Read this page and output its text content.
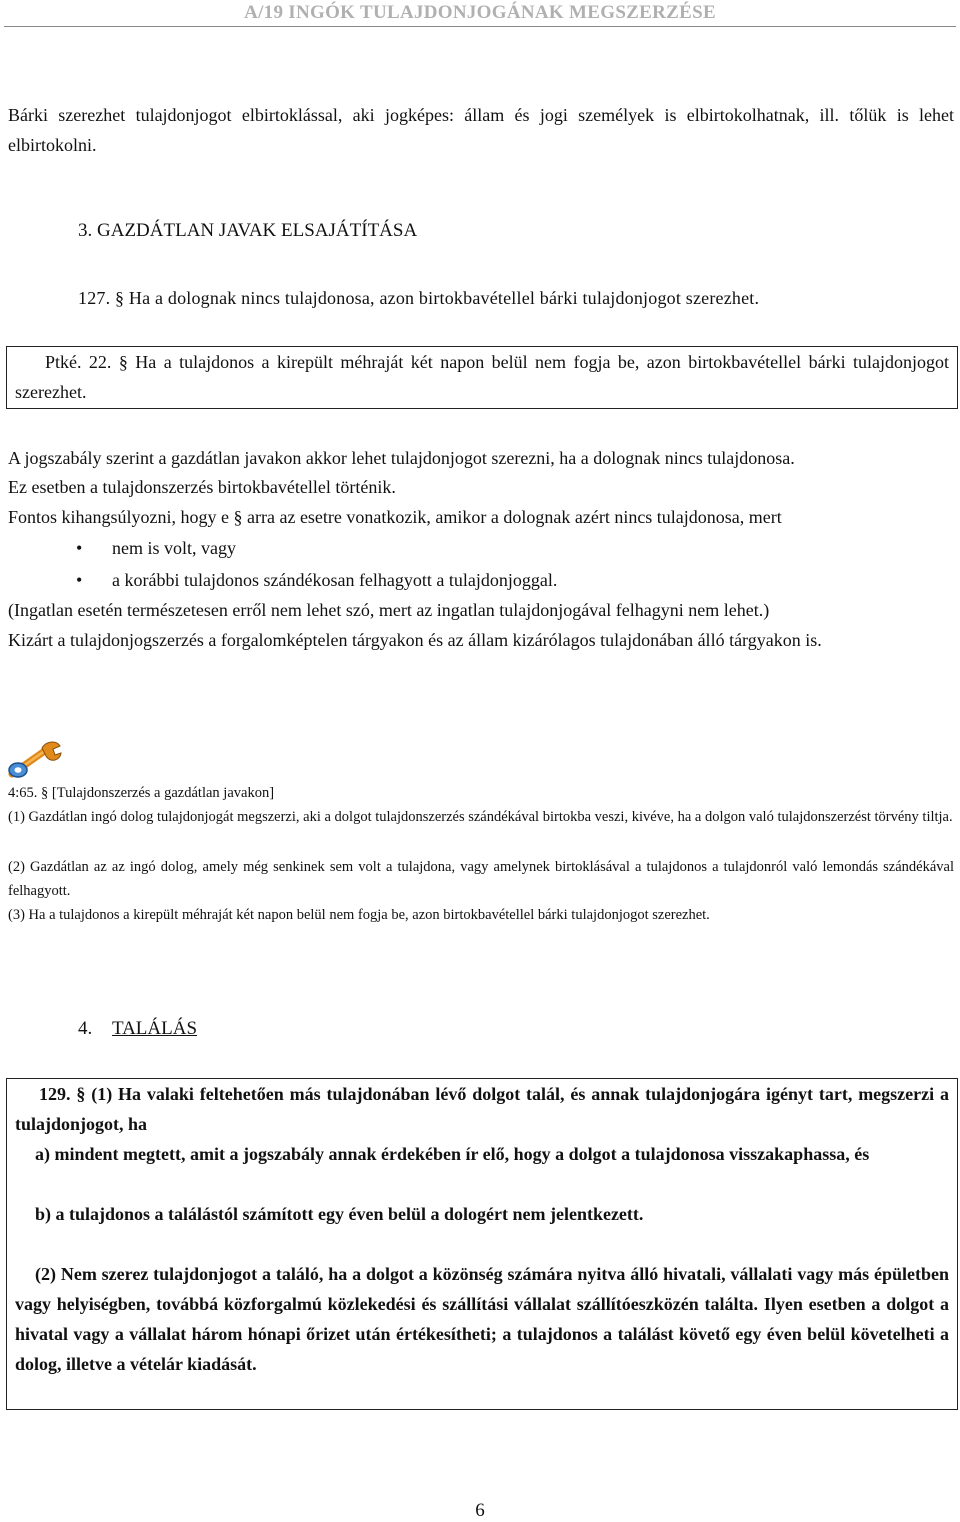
A/19 INGÓK TULAJDONJOGÁNAK MEGSZERZÉSE
Bárki szerezhet tulajdonjogot elbirtoklással, aki jogképes: állam és jogi személyek is elbirtokolhatnak, ill. tőlük is lehet elbirtokolni.
3. GAZDÁTLAN JAVAK ELSAJÁTÍTÁSA
127. § Ha a dolognak nincs tulajdonosa, azon birtokbavétellel bárki tulajdonjogot szerezhet.
Ptké. 22. § Ha a tulajdonos a kirepült méhraját két napon belül nem fogja be, azon birtokbavétellel bárki tulajdonjogot szerezhet.
A jogszabály szerint a gazdátlan javakon akkor lehet tulajdonjogot szerezni, ha a dolognak nincs tulajdonosa.
Ez esetben a tulajdonszerzés birtokbavétellel történik.
Fontos kihangsúlyozni, hogy e § arra az esetre vonatkozik, amikor a dolognak azért nincs tulajdonosa, mert
• nem is volt, vagy
• a korábbi tulajdonos szándékosan felhagyott a tulajdonjoggal.
(Ingatlan esetén természetesen erről nem lehet szó, mert az ingatlan tulajdonjogával felhagyni nem lehet.)
Kizárt a tulajdonjogszerzés a forgalomképtelen tárgyakon és az állam kizárólagos tulajdonában álló tárgyakon is.
4:65. § [Tulajdonszerzés a gazdátlan javakon]
(1) Gazdátlan ingó dolog tulajdonjogát megszerzi, aki a dolgot tulajdonszerzés szándékával birtokba veszi, kivéve, ha a dolgon való tulajdonszerzést törvény tiltja.
(2) Gazdátlan az az ingó dolog, amely még senkinek sem volt a tulajdona, vagy amelynek birtoklásával a tulajdonos a tulajdonról való lemondás szándékával felhagyott.
(3) Ha a tulajdonos a kirepült méhraját két napon belül nem fogja be, azon birtokbavétellel bárki tulajdonjogot szerezhet.
4. TALÁLÁS
129. § (1) Ha valaki feltehetően más tulajdonában lévő dolgot talál, és annak tulajdonjogára igényt tart, megszerzi a tulajdonjogot, ha
a) mindent megtett, amit a jogszabály annak érdekében ír elő, hogy a dolgot a tulajdonosa visszakaphassa, és
b) a tulajdonos a találástól számított egy éven belül a dologért nem jelentkezett.
(2) Nem szerez tulajdonjogot a találó, ha a dolgot a közönség számára nyitva álló hivatali, vállalati vagy más épületben vagy helyiségben, továbbá közforgalmú közlekedési és szállítási vállalat szállítóeszközén találta. Ilyen esetben a dolgot a hivatal vagy a vállalat három hónapi őrizet után értékesítheti; a tulajdonos a találást követő egy éven belül követelheti a dolog, illetve a vételár kiadását.
6
